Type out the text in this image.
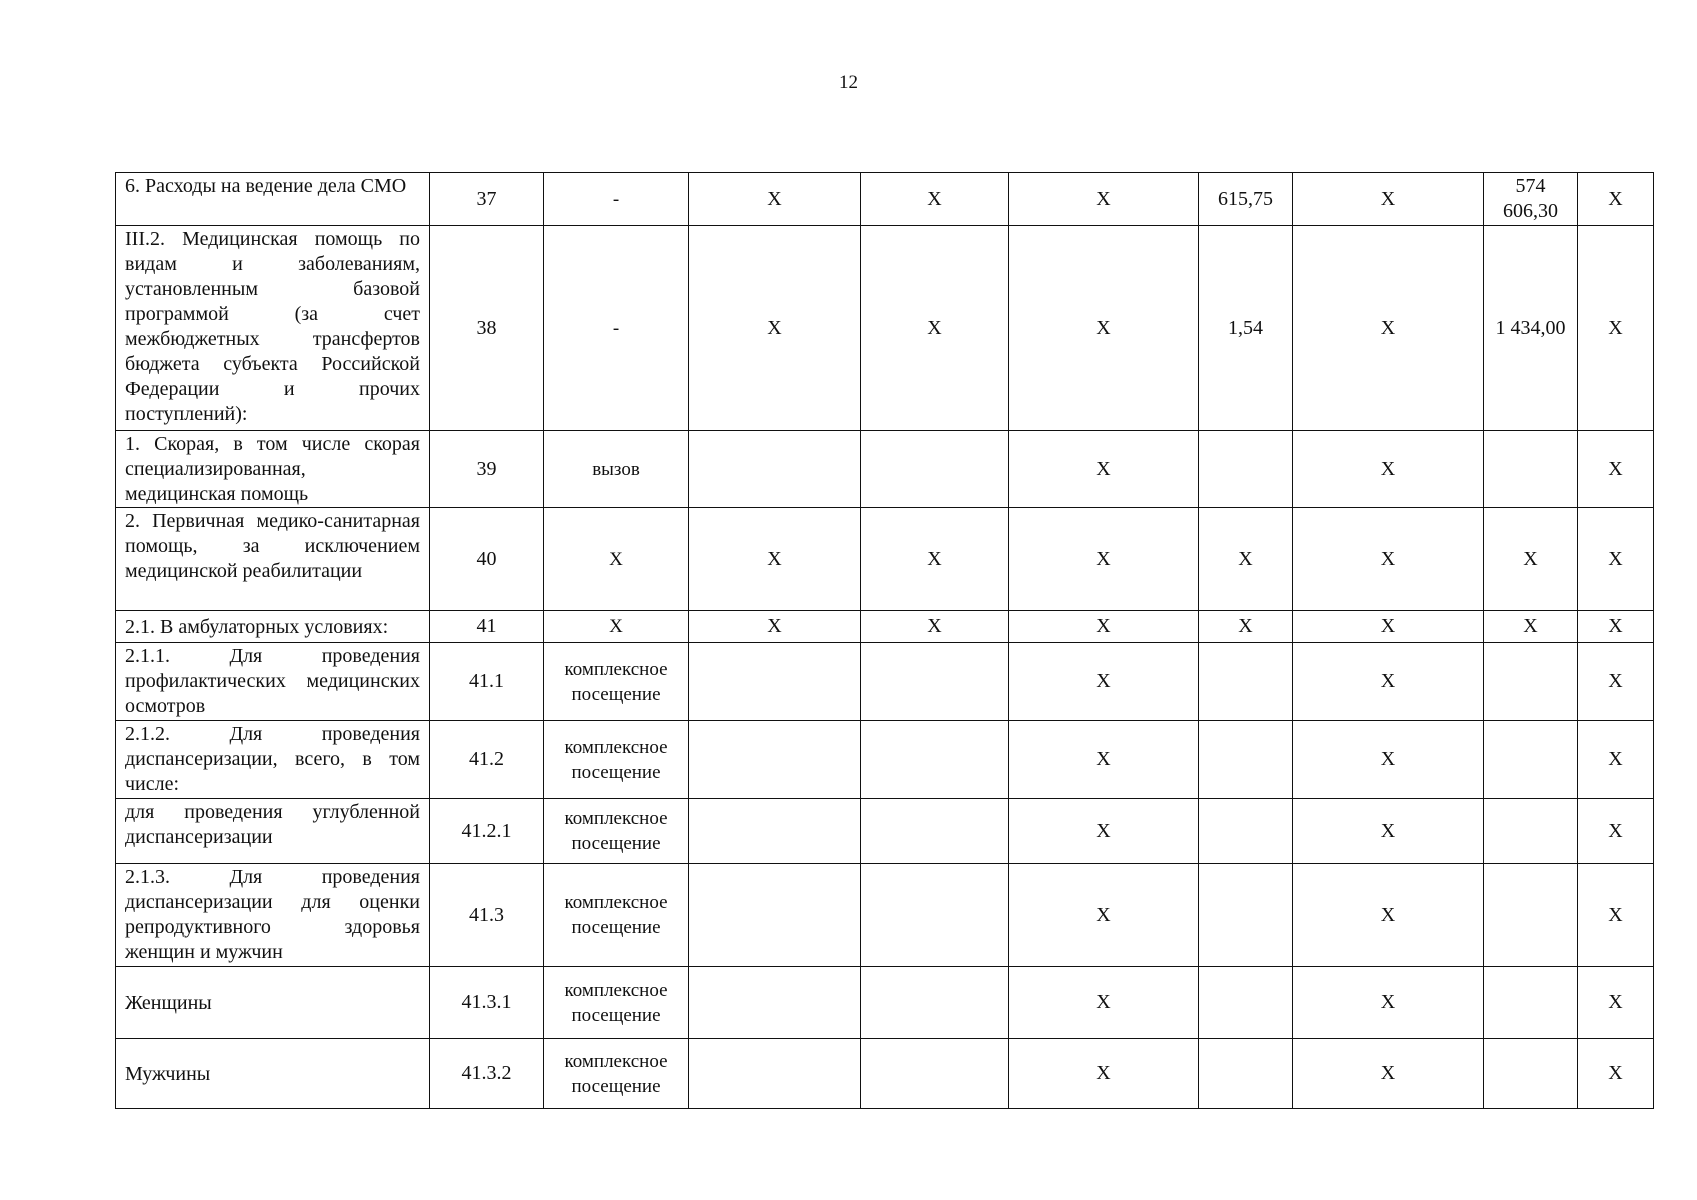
12
6. Расходы на ведение дела СМО	37	-	X	X	X	615,75	X	574 606,30	X
III.2. Медицинская помощь по видам и заболеваниям, установленным базовой программой (за счет межбюджетных трансфертов бюджета субъекта Российской Федерации и прочих поступлений):	38	-	X	X	X	1,54	X	1 434,00	X
1. Скорая, в том числе скорая специализированная, медицинская помощь	39	вызов			X		X		X
2. Первичная медико-санитарная помощь, за исключением медицинской реабилитации	40	X	X	X	X	X	X	X	X
2.1. В амбулаторных условиях:	41	X	X	X	X	X	X	X	X
2.1.1. Для проведения профилактических медицинских осмотров	41.1	комплексное посещение			X		X		X
2.1.2. Для проведения диспансеризации, всего, в том числе:	41.2	комплексное посещение			X		X		X
для проведения углубленной диспансеризации	41.2.1	комплексное посещение			X		X		X
2.1.3. Для проведения диспансеризации для оценки репродуктивного здоровья женщин и мужчин	41.3	комплексное посещение			X		X		X
Женщины	41.3.1	комплексное посещение			X		X		X
Мужчины	41.3.2	комплексное посещение			X		X		X
